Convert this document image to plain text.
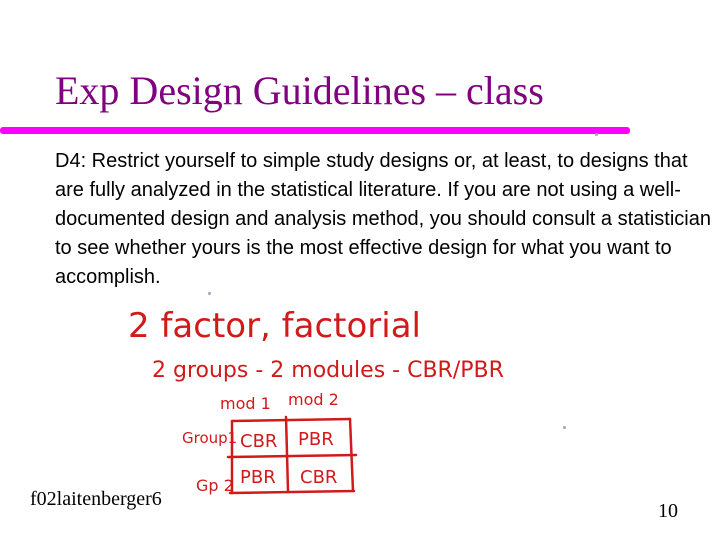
Exp Design Guidelines – class
D4: Restrict yourself to simple study designs or, at least, to designs that are fully analyzed in the statistical literature. If you are not using a well-documented design and analysis method, you should consult a statistician to see whether yours is the most effective design for what you want to accomplish.
2 factor, factorial
2 groups - 2 modules - CBR/PBR
mod 1 mod 2
Group1
Gp 2
CBR PBR
PBR CBR
f02laitenberger6
10
